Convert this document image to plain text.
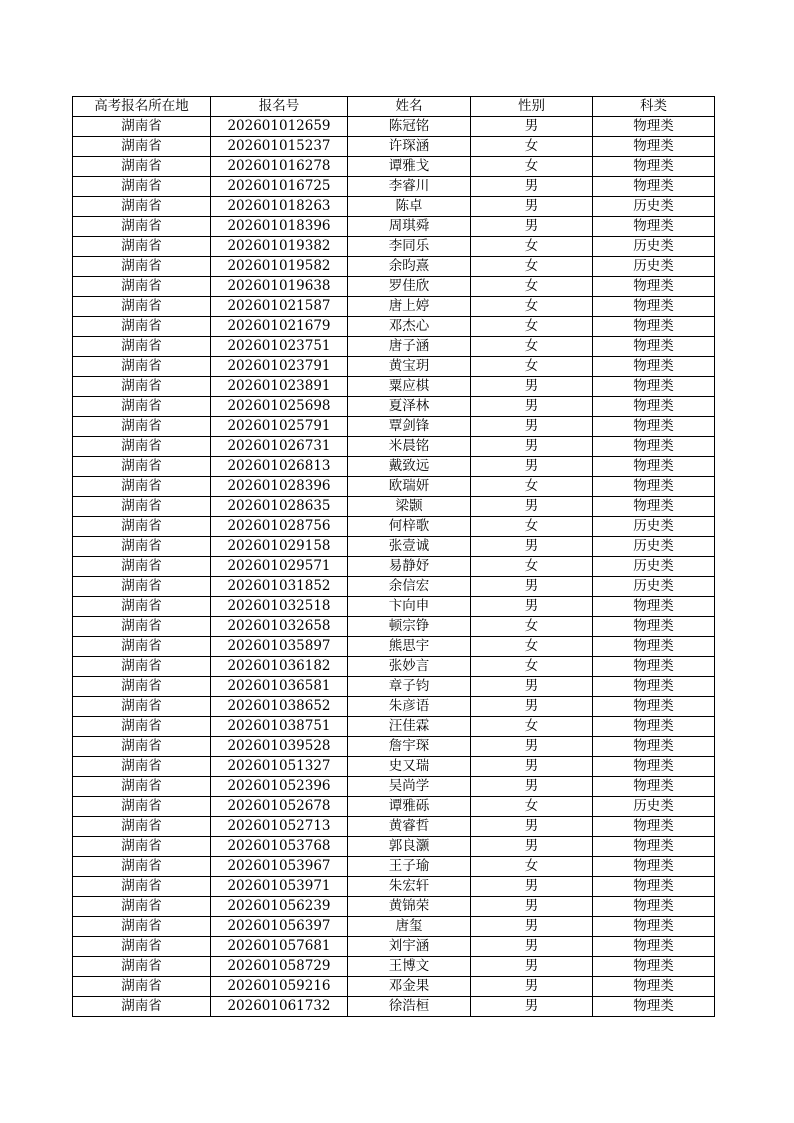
高考报名所在地	报名号	姓名	性别	科类
湖南省	202601012659	陈冠铭	男	物理类
湖南省	202601015237	许琛涵	女	物理类
湖南省	202601016278	谭雅戈	女	物理类
湖南省	202601016725	李睿川	男	物理类
湖南省	202601018263	陈卓	男	历史类
湖南省	202601018396	周琪舜	男	物理类
湖南省	202601019382	李同乐	女	历史类
湖南省	202601019582	余昀熹	女	历史类
湖南省	202601019638	罗佳欣	女	物理类
湖南省	202601021587	唐上婷	女	物理类
湖南省	202601021679	邓杰心	女	物理类
湖南省	202601023751	唐子涵	女	物理类
湖南省	202601023791	黄宝玥	女	物理类
湖南省	202601023891	粟应棋	男	物理类
湖南省	202601025698	夏泽林	男	物理类
湖南省	202601025791	覃剑锋	男	物理类
湖南省	202601026731	米晨铭	男	物理类
湖南省	202601026813	戴致远	男	物理类
湖南省	202601028396	欧瑞妍	女	物理类
湖南省	202601028635	梁颢	男	物理类
湖南省	202601028756	何梓歌	女	历史类
湖南省	202601029158	张壹诚	男	历史类
湖南省	202601029571	易静妤	女	历史类
湖南省	202601031852	余信宏	男	历史类
湖南省	202601032518	卞向申	男	物理类
湖南省	202601032658	顿宗铮	女	物理类
湖南省	202601035897	熊思宇	女	物理类
湖南省	202601036182	张妙言	女	物理类
湖南省	202601036581	章子钧	男	物理类
湖南省	202601038652	朱彦语	男	物理类
湖南省	202601038751	汪佳霖	女	物理类
湖南省	202601039528	詹宇琛	男	物理类
湖南省	202601051327	史又瑞	男	物理类
湖南省	202601052396	吴尚学	男	物理类
湖南省	202601052678	谭雅砾	女	历史类
湖南省	202601052713	黄睿哲	男	物理类
湖南省	202601053768	郭良灏	男	物理类
湖南省	202601053967	王子瑜	女	物理类
湖南省	202601053971	朱宏轩	男	物理类
湖南省	202601056239	黄锦荣	男	物理类
湖南省	202601056397	唐玺	男	物理类
湖南省	202601057681	刘宇涵	男	物理类
湖南省	202601058729	王博文	男	物理类
湖南省	202601059216	邓金果	男	物理类
湖南省	202601061732	徐浩桓	男	物理类
